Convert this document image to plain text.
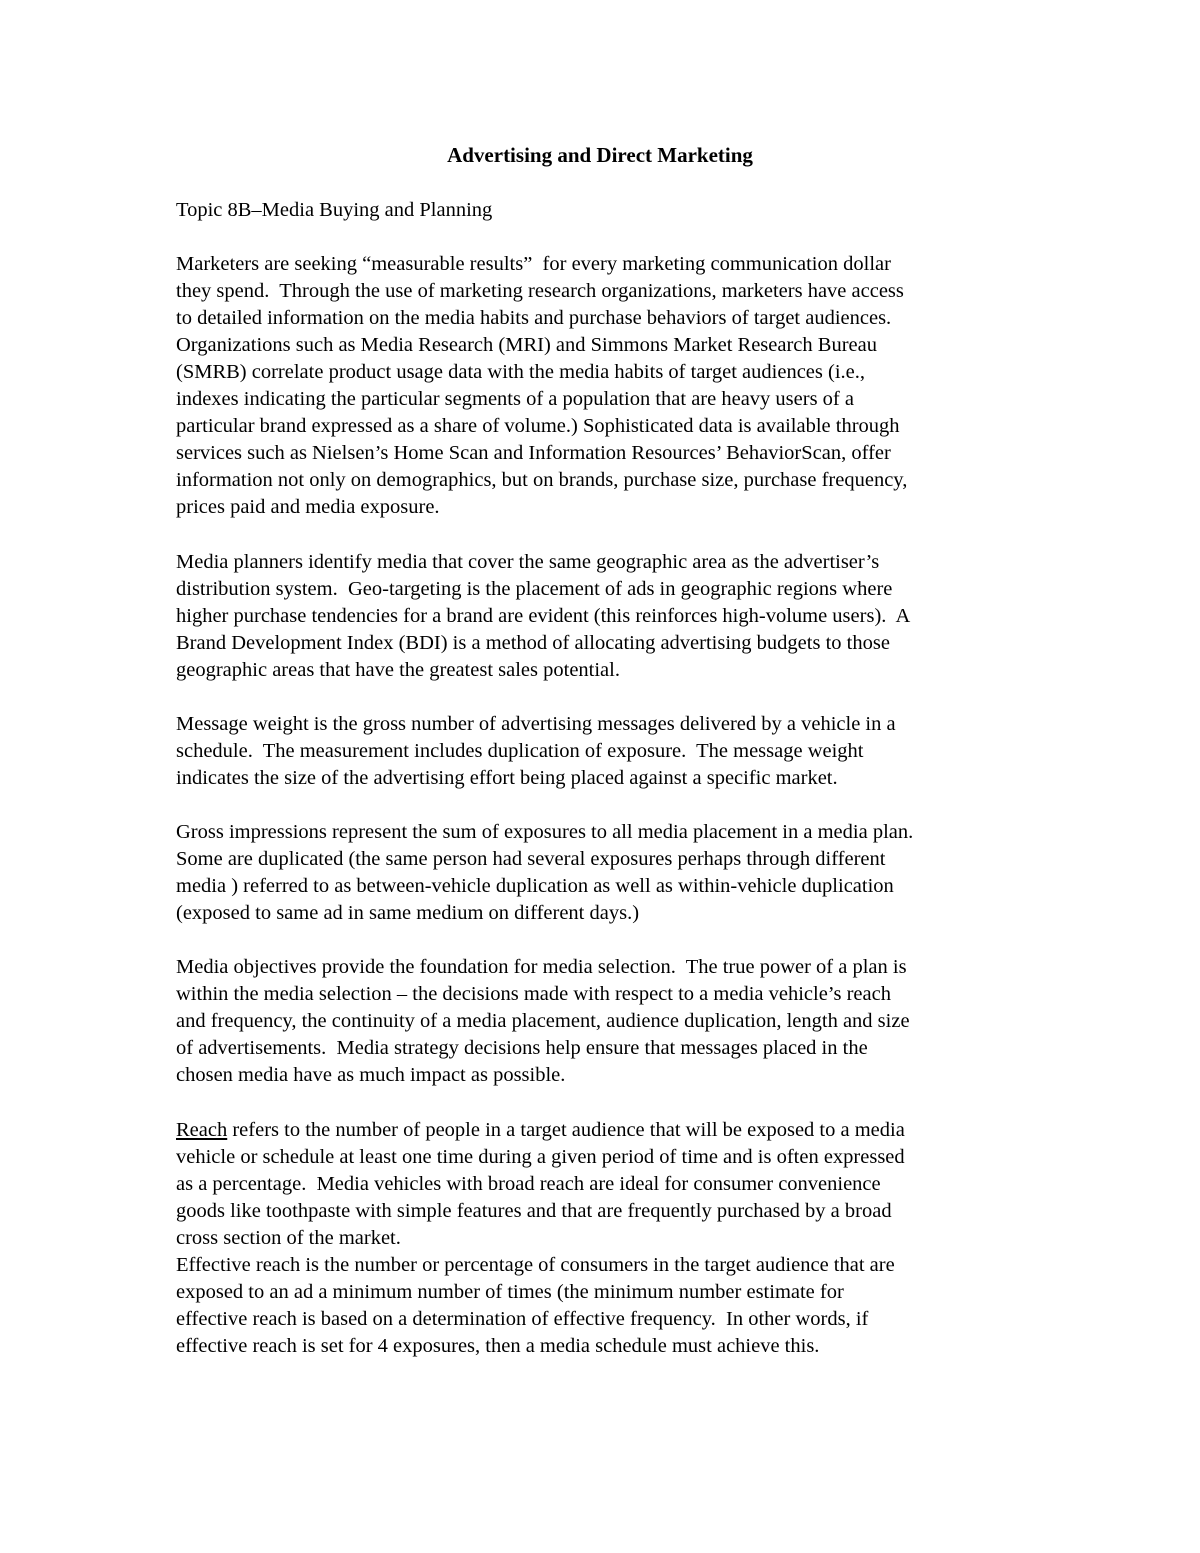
Advertising and Direct Marketing

Topic 8B–Media Buying and Planning

Marketers are seeking “measurable results”  for every marketing communication dollar
they spend.  Through the use of marketing research organizations, marketers have access
to detailed information on the media habits and purchase behaviors of target audiences.
Organizations such as Media Research (MRI) and Simmons Market Research Bureau
(SMRB) correlate product usage data with the media habits of target audiences (i.e.,
indexes indicating the particular segments of a population that are heavy users of a
particular brand expressed as a share of volume.) Sophisticated data is available through
services such as Nielsen’s Home Scan and Information Resources’ BehaviorScan, offer
information not only on demographics, but on brands, purchase size, purchase frequency,
prices paid and media exposure.

Media planners identify media that cover the same geographic area as the advertiser’s
distribution system.  Geo-targeting is the placement of ads in geographic regions where
higher purchase tendencies for a brand are evident (this reinforces high-volume users).  A
Brand Development Index (BDI) is a method of allocating advertising budgets to those
geographic areas that have the greatest sales potential.

Message weight is the gross number of advertising messages delivered by a vehicle in a
schedule.  The measurement includes duplication of exposure.  The message weight
indicates the size of the advertising effort being placed against a specific market.

Gross impressions represent the sum of exposures to all media placement in a media plan.
Some are duplicated (the same person had several exposures perhaps through different
media ) referred to as between-vehicle duplication as well as within-vehicle duplication
(exposed to same ad in same medium on different days.)

Media objectives provide the foundation for media selection.  The true power of a plan is
within the media selection – the decisions made with respect to a media vehicle’s reach
and frequency, the continuity of a media placement, audience duplication, length and size
of advertisements.  Media strategy decisions help ensure that messages placed in the
chosen media have as much impact as possible.

Reach refers to the number of people in a target audience that will be exposed to a media
vehicle or schedule at least one time during a given period of time and is often expressed
as a percentage.  Media vehicles with broad reach are ideal for consumer convenience
goods like toothpaste with simple features and that are frequently purchased by a broad
cross section of the market.
Effective reach is the number or percentage of consumers in the target audience that are
exposed to an ad a minimum number of times (the minimum number estimate for
effective reach is based on a determination of effective frequency.  In other words, if
effective reach is set for 4 exposures, then a media schedule must achieve this.
